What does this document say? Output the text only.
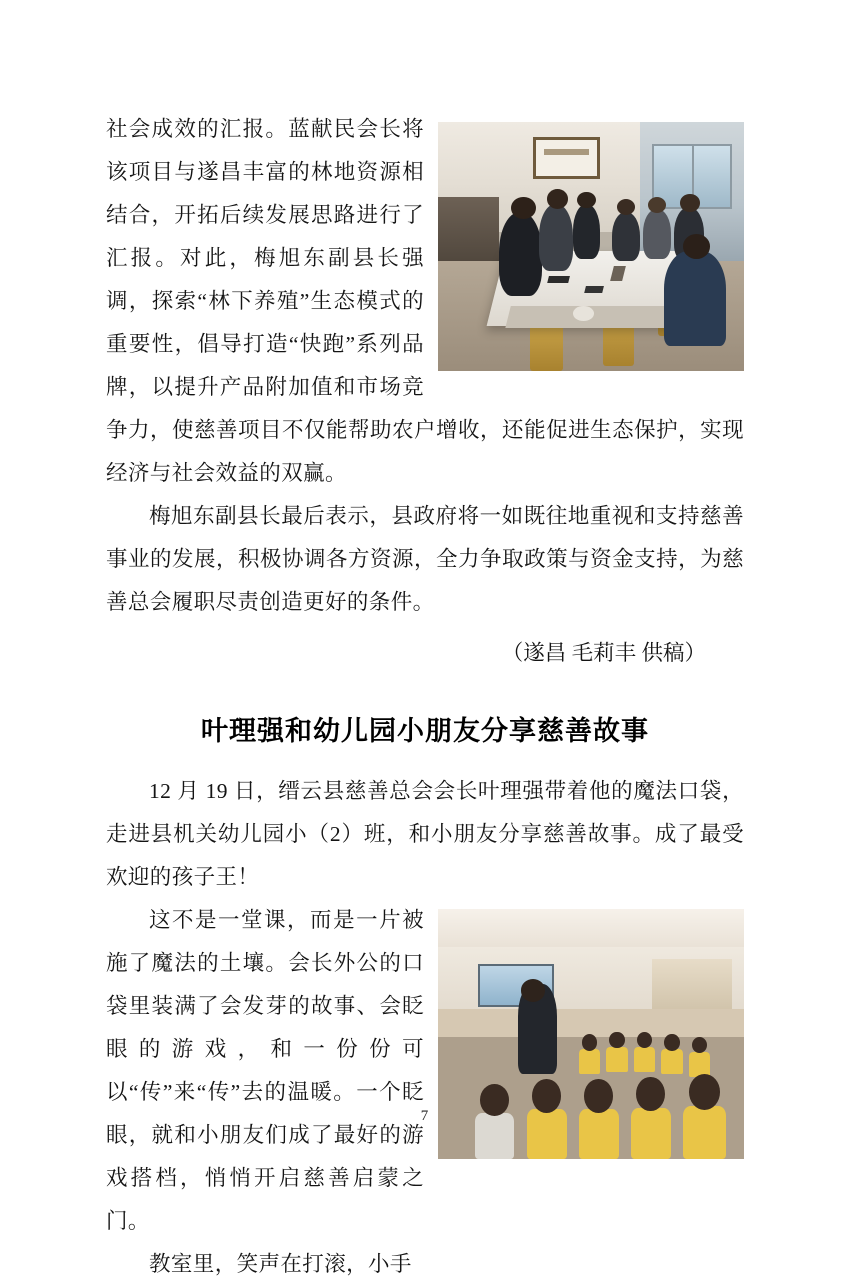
社会成效的汇报。蓝献民会长将该项目与遂昌丰富的林地资源相结合，开拓后续发展思路进行了汇报。对此，梅旭东副县长强调，探索“林下养殖”生态模式的重要性，倡导打造“快跑”系列品牌，以提升产品附加值和市场竞争力，使慈善项目不仅能帮助农户增收，还能促进生态保护，实现经济与社会效益的双赢。

梅旭东副县长最后表示，县政府将一如既往地重视和支持慈善事业的发展，积极协调各方资源，全力争取政策与资金支持，为慈善总会履职尽责创造更好的条件。

（遂昌 毛莉丰 供稿）

叶理强和幼儿园小朋友分享慈善故事

12 月 19 日，缙云县慈善总会会长叶理强带着他的魔法口袋，走进县机关幼儿园小（2）班，和小朋友分享慈善故事。成了最受欢迎的孩子王！

这不是一堂课，而是一片被施了魔法的土壤。会长外公的口袋里装满了会发芽的故事、会眨眼的游戏，和一份份可以“传”来“传”去的温暖。一个眨眼，就和小朋友们成了最好的游戏搭档，悄悄开启慈善启蒙之门。

教室里，笑声在打滚，小手

7
